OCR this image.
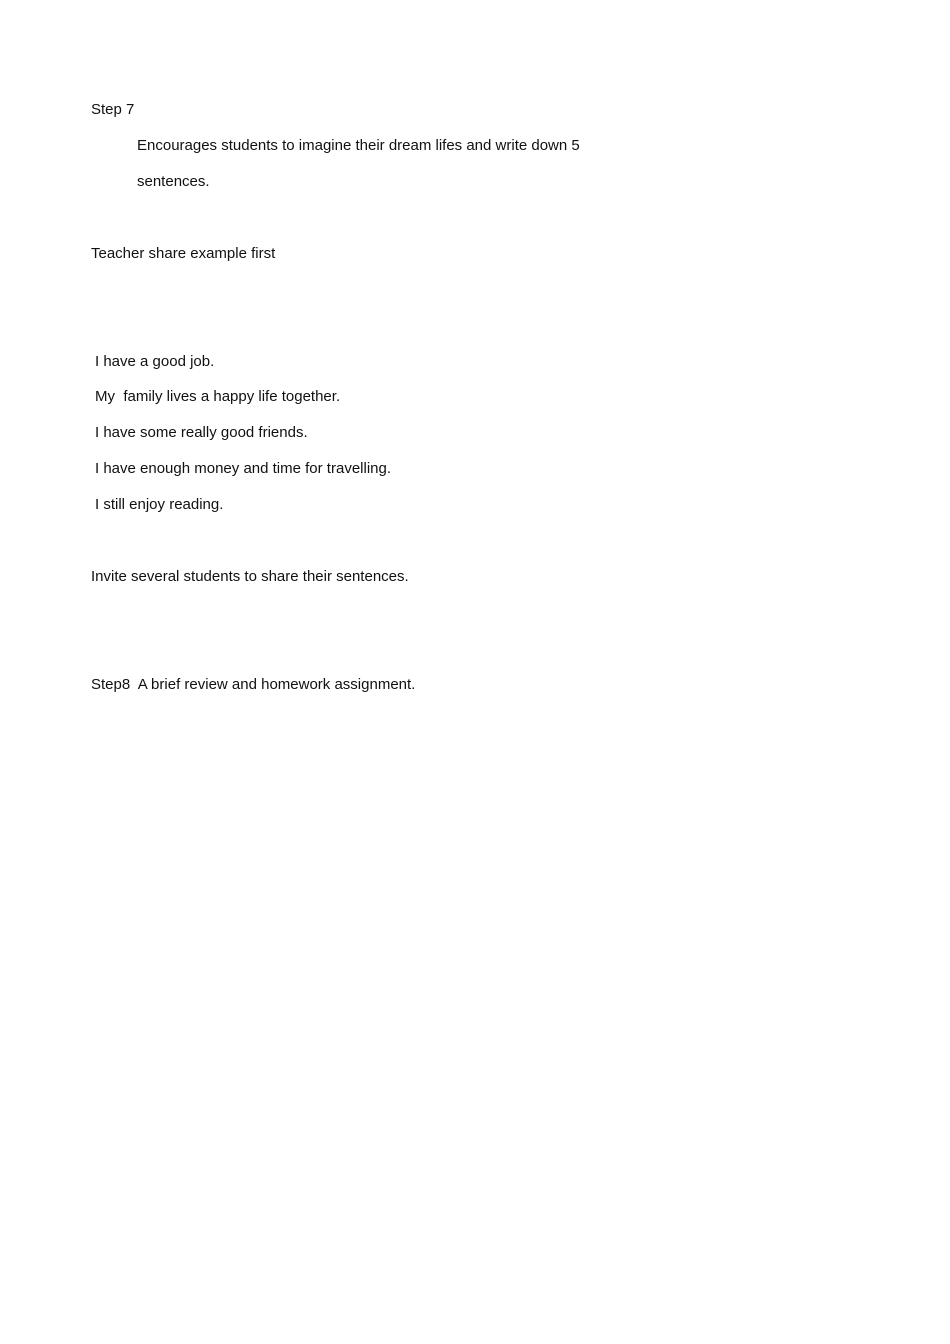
Step 7
Encourages students to imagine their dream lifes and write down 5
sentences.
Teacher share example first
I have a good job.
My  family lives a happy life together.
I have some really good friends.
I have enough money and time for travelling.
I still enjoy reading.
Invite several students to share their sentences.
Step8  A brief review and homework assignment.
